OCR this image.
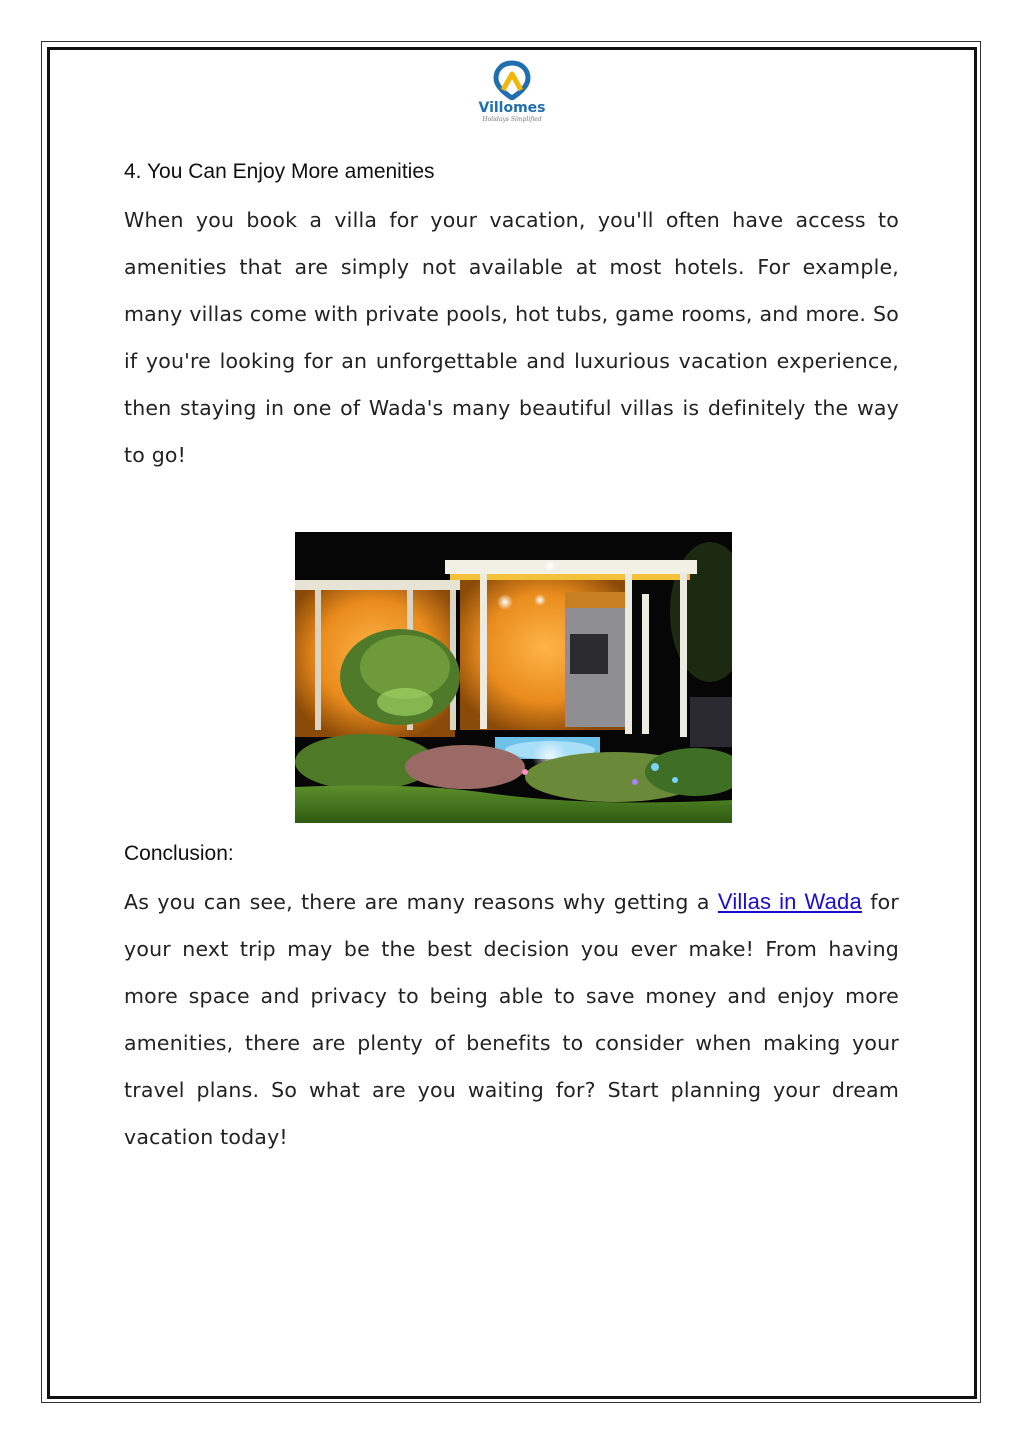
Villomes
Holidays Simplified
4. You Can Enjoy More amenities
When you book a villa for your vacation, you'll often have access to amenities that are simply not available at most hotels. For example, many villas come with private pools, hot tubs, game rooms, and more. So if you're looking for an unforgettable and luxurious vacation experience, then staying in one of Wada's many beautiful villas is definitely the way to go!
Conclusion:
As you can see, there are many reasons why getting a Villas in Wada for your next trip may be the best decision you ever make! From having more space and privacy to being able to save money and enjoy more amenities, there are plenty of benefits to consider when making your travel plans. So what are you waiting for? Start planning your dream vacation today!
